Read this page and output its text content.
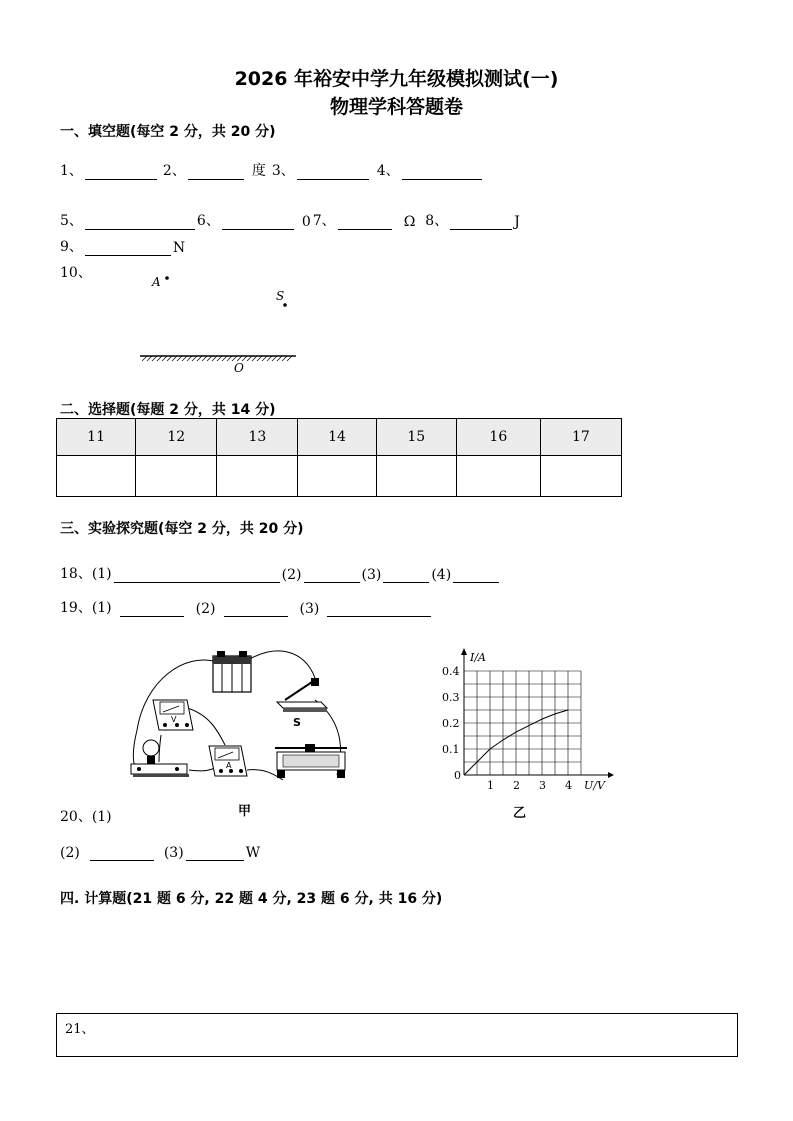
2026 年裕安中学九年级模拟测试(一)
物理学科答题卷
一、填空题(每空 2 分，共 20 分)
1、	2、	度 3、	4、
5、	6、	0 7、	Ω 8、	J
9、	N
10、
A
S
O
二、选择题(每题 2 分，共 14 分)
11	12	13	14	15	16	17

三、实验探究题(每空 2 分，共 20 分)
18、(1)	(2)	(3)	(4)
19、(1)	(2)	(3)
S
V
A
甲
1 2 3 4
0.1
0.2
0.3
0.4
0
I/A
U/V
乙
20、(1)
(2)	(3)	W
四. 计算题(21 题 6 分, 22 题 4 分, 23 题 6 分, 共 16 分)
21、
